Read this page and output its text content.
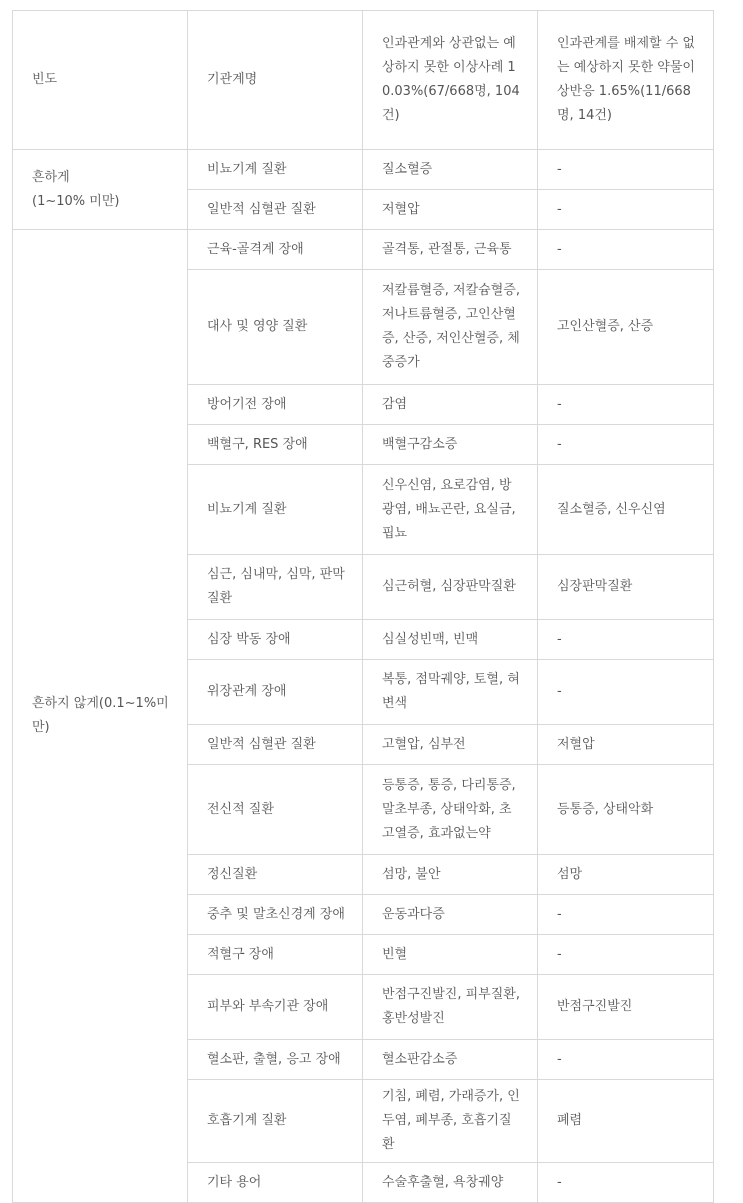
빈도	기관계명	인과관계와 상관없는 예상하지 못한 이상사례 10.03%(67/668명, 104건)	인과관계를 배제할 수 없는 예상하지 못한 약물이상반응 1.65%(11/668명, 14건)
흔하게
(1~10% 미만)	비뇨기계 질환	질소혈증	-
	일반적 심혈관 질환	저혈압	-
흔하지 않게(0.1~1%미만)	근육-골격계 장애	골격통, 관절통, 근육통	-
	대사 및 영양 질환	저칼륨혈증, 저칼슘혈증, 저나트륨혈증, 고인산혈증, 산증, 저인산혈증, 체중증가	고인산혈증, 산증
	방어기전 장애	감염	-
	백혈구, RES 장애	백혈구감소증	-
	비뇨기계 질환	신우신염, 요로감염, 방광염, 배뇨곤란, 요실금, 핍뇨	질소혈증, 신우신염
	심근, 심내막, 심막, 판막 질환	심근허혈, 심장판막질환	심장판막질환
	심장 박동 장애	심실성빈맥, 빈맥	-
	위장관계 장애	복통, 점막궤양, 토혈, 혀변색	-
	일반적 심혈관 질환	고혈압, 심부전	저혈압
	전신적 질환	등통증, 통증, 다리통증, 말초부종, 상태악화, 초고열증, 효과없는약	등통증, 상태악화
	정신질환	섬망, 불안	섬망
	중추 및 말초신경계 장애	운동과다증	-
	적혈구 장애	빈혈	-
	피부와 부속기관 장애	반점구진발진, 피부질환, 홍반성발진	반점구진발진
	혈소판, 출혈, 응고 장애	혈소판감소증	-
	호흡기계 질환	기침, 폐렴, 가래증가, 인두염, 폐부종, 호흡기질환	폐렴
	기타 용어	수술후출혈, 욕창궤양	-
